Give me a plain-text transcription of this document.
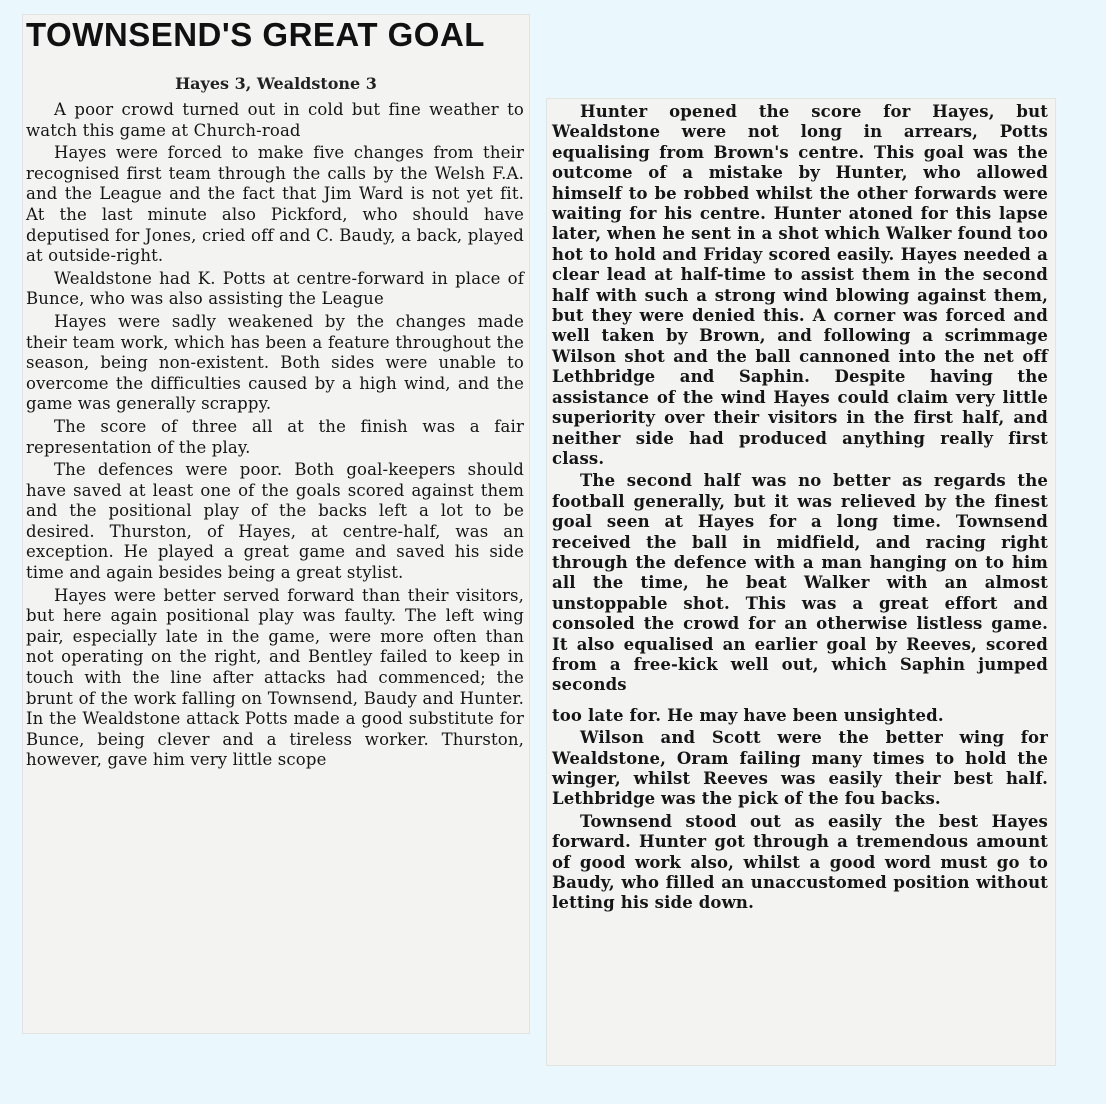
TOWNSEND'S GREAT GOAL
Hayes 3, Wealdstone 3

A poor crowd turned out in cold but fine weather to watch this game at Church-road

Hayes were forced to make five changes from their recognised first team through the calls by the Welsh F.A. and the League and the fact that Jim Ward is not yet fit. At the last minute also Pickford, who should have deputised for Jones, cried off and C. Baudy, a back, played at outside-right.

Wealdstone had K. Potts at centre-forward in place of Bunce, who was also assisting the League

Hayes were sadly weakened by the changes made their team work, which has been a feature throughout the season, being non-existent. Both sides were unable to overcome the difficulties caused by a high wind, and the game was generally scrappy.

The score of three all at the finish was a fair representation of the play.

The defences were poor. Both goal-keepers should have saved at least one of the goals scored against them and the positional play of the backs left a lot to be desired. Thurston, of Hayes, at centre-half, was an exception. He played a great game and saved his side time and again besides being a great stylist.

Hayes were better served forward than their visitors, but here again positional play was faulty. The left wing pair, especially late in the game, were more often than not operating on the right, and Bentley failed to keep in touch with the line after attacks had commenced; the brunt of the work falling on Townsend, Baudy and Hunter. In the Wealdstone attack Potts made a good substitute for Bunce, being clever and a tireless worker. Thurston, however, gave him very little scope

Hunter opened the score for Hayes, but Wealdstone were not long in arrears, Potts equalising from Brown's centre. This goal was the outcome of a mistake by Hunter, who allowed himself to be robbed whilst the other forwards were waiting for his centre. Hunter atoned for this lapse later, when he sent in a shot which Walker found too hot to hold and Friday scored easily. Hayes needed a clear lead at half-time to assist them in the second half with such a strong wind blowing against them, but they were denied this. A corner was forced and well taken by Brown, and following a scrimmage Wilson shot and the ball cannoned into the net off Lethbridge and Saphin. Despite having the assistance of the wind Hayes could claim very little superiority over their visitors in the first half, and neither side had produced anything really first class.

The second half was no better as regards the football generally, but it was relieved by the finest goal seen at Hayes for a long time. Townsend received the ball in midfield, and racing right through the defence with a man hanging on to him all the time, he beat Walker with an almost unstoppable shot. This was a great effort and consoled the crowd for an otherwise listless game. It also equalised an earlier goal by Reeves, scored from a free-kick well out, which Saphin jumped seconds

too late for. He may have been unsighted.

Wilson and Scott were the better wing for Wealdstone, Oram failing many times to hold the winger, whilst Reeves was easily their best half. Lethbridge was the pick of the fou backs.

Townsend stood out as easily the best Hayes forward. Hunter got through a tremendous amount of good work also, whilst a good word must go to Baudy, who filled an unaccustomed position without letting his side down.
